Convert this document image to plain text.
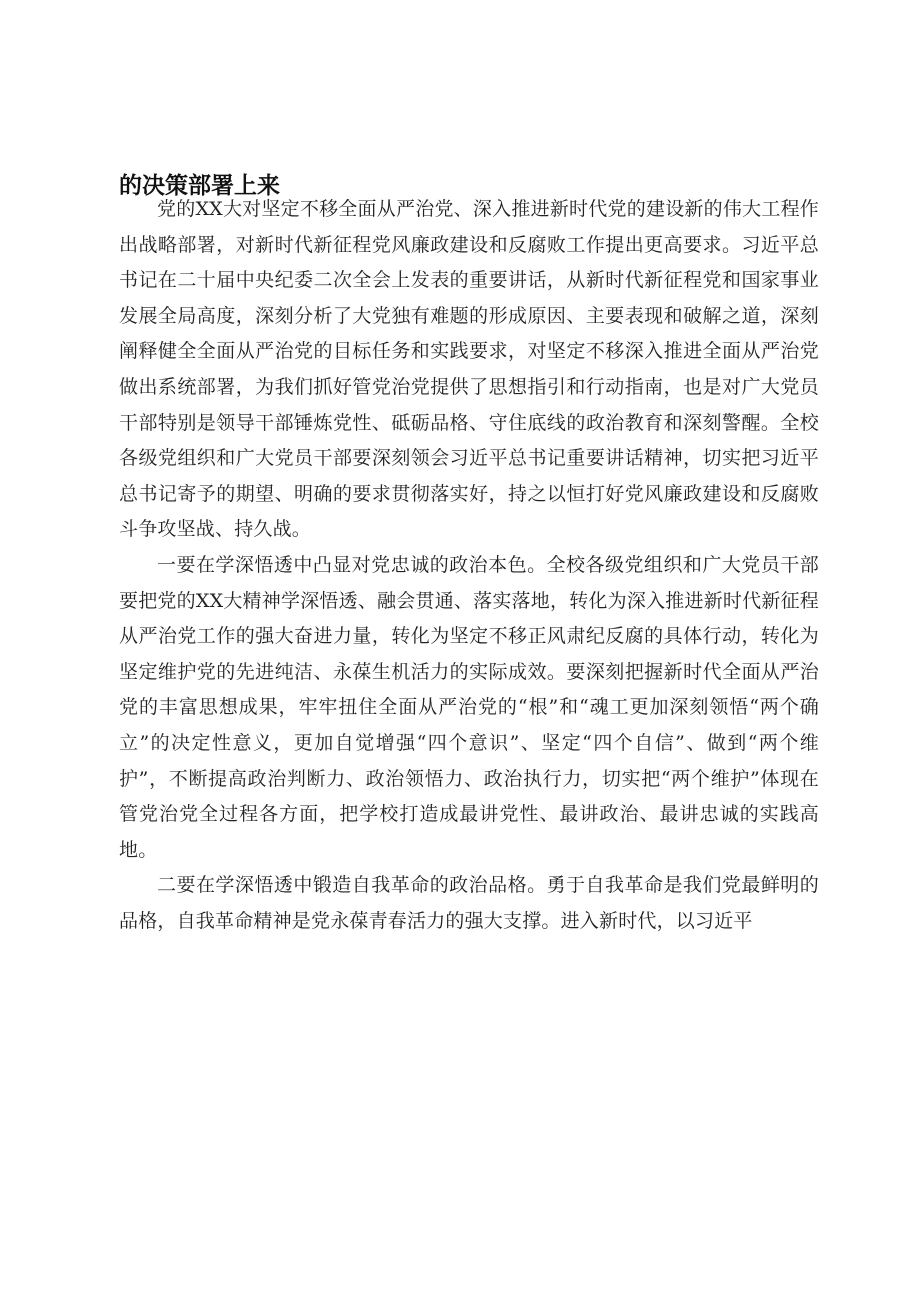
的决策部署上来

党的XX大对坚定不移全面从严治党、深入推进新时代党的建设新的伟大工程作出战略部署，对新时代新征程党风廉政建设和反腐败工作提出更高要求。习近平总书记在二十届中央纪委二次全会上发表的重要讲话，从新时代新征程党和国家事业发展全局高度，深刻分析了大党独有难题的形成原因、主要表现和破解之道，深刻阐释健全全面从严治党的目标任务和实践要求，对坚定不移深入推进全面从严治党做出系统部署，为我们抓好管党治党提供了思想指引和行动指南，也是对广大党员干部特别是领导干部锤炼党性、砥砺品格、守住底线的政治教育和深刻警醒。全校各级党组织和广大党员干部要深刻领会习近平总书记重要讲话精神，切实把习近平总书记寄予的期望、明确的要求贯彻落实好，持之以恒打好党风廉政建设和反腐败斗争攻坚战、持久战。

一要在学深悟透中凸显对党忠诚的政治本色。全校各级党组织和广大党员干部要把党的XX大精神学深悟透、融会贯通、落实落地，转化为深入推进新时代新征程从严治党工作的强大奋进力量，转化为坚定不移正风肃纪反腐的具体行动，转化为坚定维护党的先进纯洁、永葆生机活力的实际成效。要深刻把握新时代全面从严治党的丰富思想成果，牢牢扭住全面从严治党的“根”和“魂工更加深刻领悟“两个确立”的决定性意义，更加自觉增强“四个意识”、坚定“四个自信”、做到“两个维护”，不断提高政治判断力、政治领悟力、政治执行力，切实把“两个维护”体现在管党治党全过程各方面，把学校打造成最讲党性、最讲政治、最讲忠诚的实践高地。

二要在学深悟透中锻造自我革命的政治品格。勇于自我革命是我们党最鲜明的品格，自我革命精神是党永葆青春活力的强大支撑。进入新时代，以习近平
